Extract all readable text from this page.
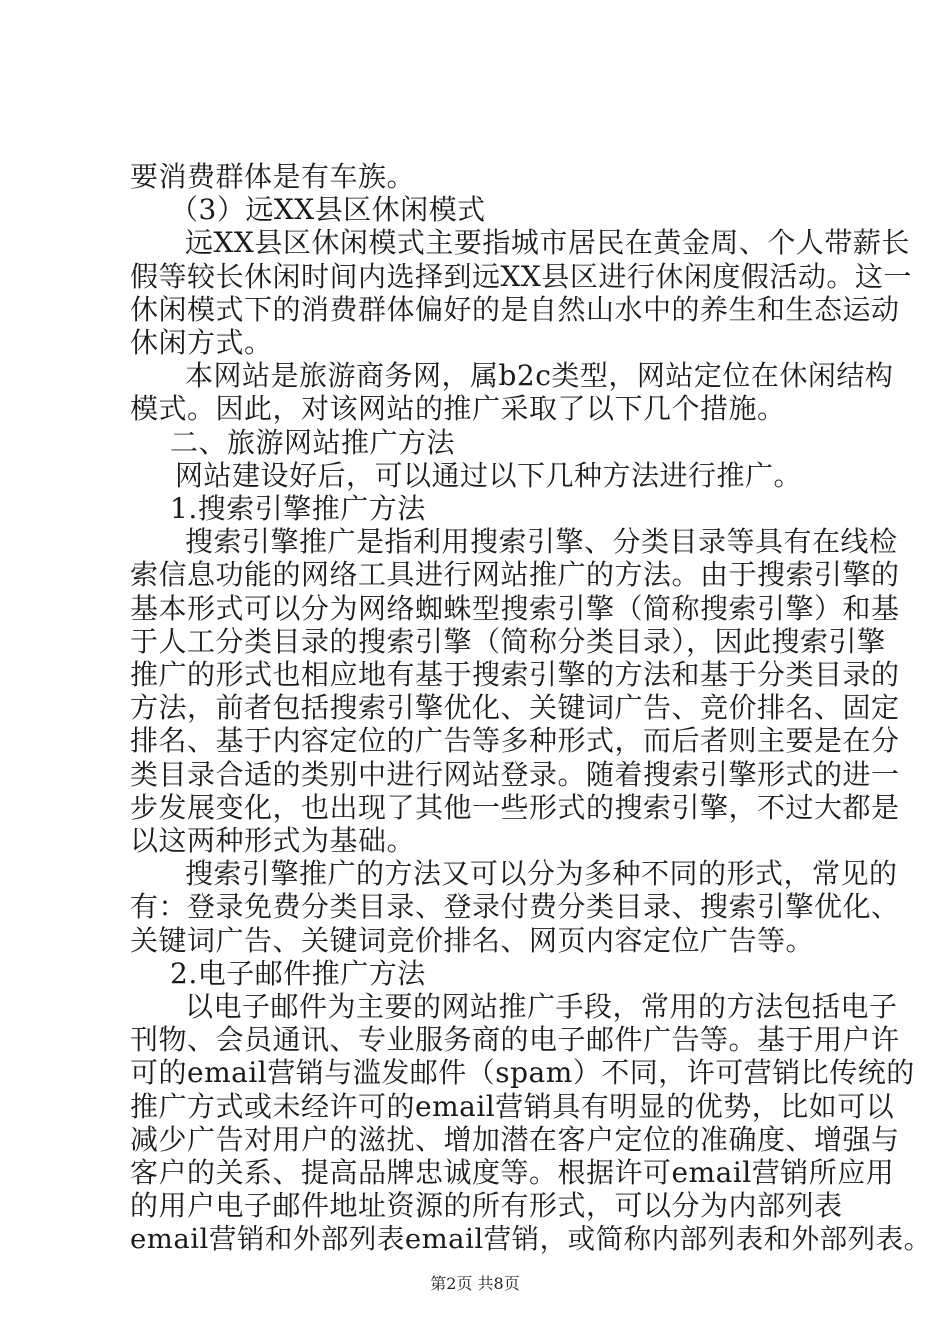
要消费群体是有车族。
（3）远XX县区休闲模式
远XX县区休闲模式主要指城市居民在黄金周、个人带薪长
假等较长休闲时间内选择到远XX县区进行休闲度假活动。这一
休闲模式下的消费群体偏好的是自然山水中的养生和生态运动
休闲方式。
本网站是旅游商务网，属b2c类型，网站定位在休闲结构
模式。因此，对该网站的推广采取了以下几个措施。
二、旅游网站推广方法
网站建设好后，可以通过以下几种方法进行推广。
1.搜索引擎推广方法
搜索引擎推广是指利用搜索引擎、分类目录等具有在线检
索信息功能的网络工具进行网站推广的方法。由于搜索引擎的
基本形式可以分为网络蜘蛛型搜索引擎（简称搜索引擎）和基
于人工分类目录的搜索引擎（简称分类目录），因此搜索引擎
推广的形式也相应地有基于搜索引擎的方法和基于分类目录的
方法，前者包括搜索引擎优化、关键词广告、竞价排名、固定
排名、基于内容定位的广告等多种形式，而后者则主要是在分
类目录合适的类别中进行网站登录。随着搜索引擎形式的进一
步发展变化，也出现了其他一些形式的搜索引擎，不过大都是
以这两种形式为基础。
搜索引擎推广的方法又可以分为多种不同的形式，常见的
有：登录免费分类目录、登录付费分类目录、搜索引擎优化、
关键词广告、关键词竞价排名、网页内容定位广告等。
2.电子邮件推广方法
以电子邮件为主要的网站推广手段，常用的方法包括电子
刊物、会员通讯、专业服务商的电子邮件广告等。基于用户许
可的email营销与滥发邮件（spam）不同，许可营销比传统的
推广方式或未经许可的email营销具有明显的优势，比如可以
减少广告对用户的滋扰、增加潜在客户定位的准确度、增强与
客户的关系、提高品牌忠诚度等。根据许可email营销所应用
的用户电子邮件地址资源的所有形式，可以分为内部列表
email营销和外部列表email营销，或简称内部列表和外部列表。
第2页 共8页
